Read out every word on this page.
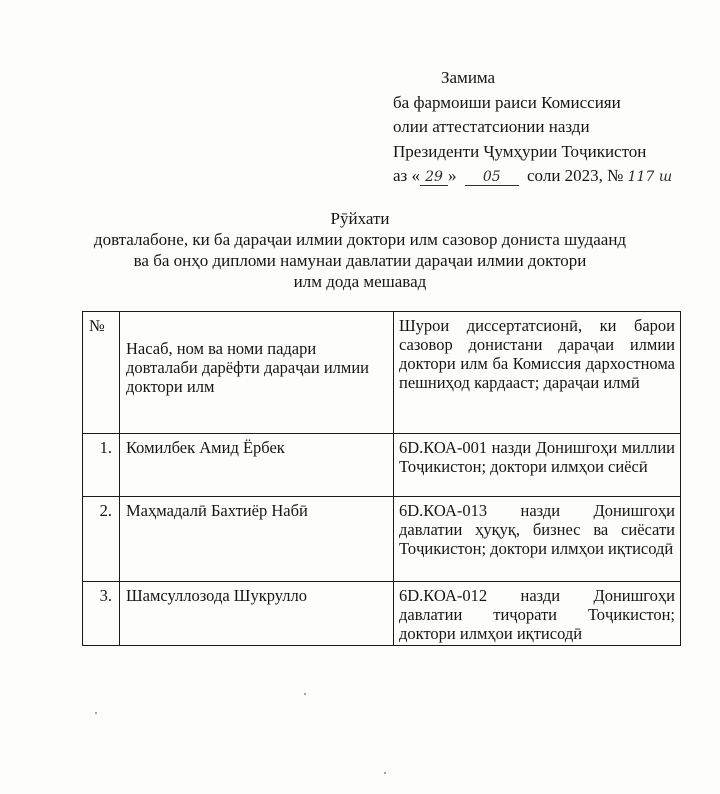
Замима
ба фармоиши раиси Комиссияи
олии аттестатсионии назди
Президенти Ҷумҳурии Тоҷикистон
аз « 29 » 05 соли 2023, № 117 ш
Рӯйхати
довталабоне, ки ба дараҷаи илмии доктори илм сазовор дониста шудаанд
ва ба онҳо дипломи намунаи давлатии дараҷаи илмии доктори
илм дода мешавад
№	Насаб, ном ва номи падари довталаби дарёфти дараҷаи илмии доктори илм	Шурои диссертатсионӣ, ки барои сазовор донистани дараҷаи илмии доктори илм ба Комиссия дархостнома пешниҳод кардааст; дараҷаи илмӣ
1.	Комилбек Амид Ёрбек	6D.КОА-001 назди Донишгоҳи миллии Тоҷикистон; доктори илмҳои сиёсӣ
2.	Маҳмадалӣ Бахтиёр Набӣ	6D.КОА-013 назди Донишгоҳи давлатии ҳуқуқ, бизнес ва сиёсати Тоҷикистон; доктори илмҳои иқтисодӣ
3.	Шамсуллозода Шукрулло	6D.КОА-012 назди Донишгоҳи давлатии тиҷорати Тоҷикистон; доктори илмҳои иқтисодӣ
